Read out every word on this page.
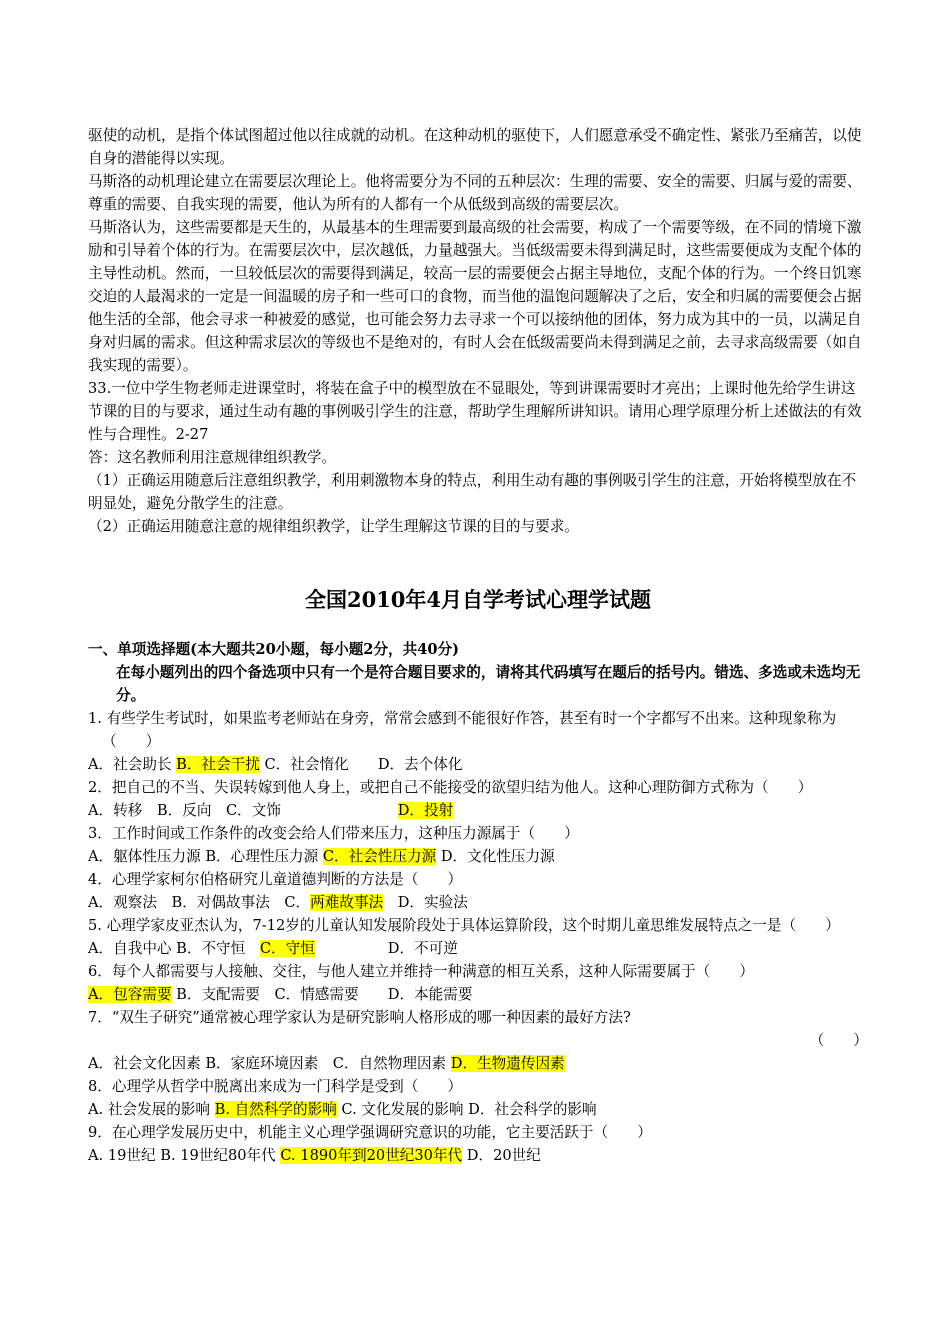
驱使的动机，是指个体试图超过他以往成就的动机。在这种动机的驱使下，人们愿意承受不确定性、紧张乃至痛苦，以使自身的潜能得以实现。

马斯洛的动机理论建立在需要层次理论上。他将需要分为不同的五种层次：生理的需要、安全的需要、归属与爱的需要、尊重的需要、自我实现的需要，他认为所有的人都有一个从低级到高级的需要层次。

马斯洛认为，这些需要都是天生的，从最基本的生理需要到最高级的社会需要，构成了一个需要等级，在不同的情境下激励和引导着个体的行为。在需要层次中，层次越低，力量越强大。当低级需要未得到满足时，这些需要便成为支配个体的主导性动机。然而，一旦较低层次的需要得到满足，较高一层的需要便会占据主导地位，支配个体的行为。一个终日饥寒交迫的人最渴求的一定是一间温暖的房子和一些可口的食物，而当他的温饱问题解决了之后，安全和归属的需要便会占据他生活的全部，他会寻求一种被爱的感觉，也可能会努力去寻求一个可以接纳他的团体，努力成为其中的一员，以满足自身对归属的需求。但这种需求层次的等级也不是绝对的，有时人会在低级需要尚未得到满足之前，去寻求高级需要（如自我实现的需要）。

33.一位中学生物老师走进课堂时，将装在盒子中的模型放在不显眼处，等到讲课需要时才亮出；上课时他先给学生讲这节课的目的与要求，通过生动有趣的事例吸引学生的注意，帮助学生理解所讲知识。请用心理学原理分析上述做法的有效性与合理性。2-27

答：这名教师利用注意规律组织教学。

（1）正确运用随意后注意组织教学，利用刺激物本身的特点，利用生动有趣的事例吸引学生的注意，开始将模型放在不明显处，避免分散学生的注意。

（2）正确运用随意注意的规律组织教学，让学生理解这节课的目的与要求。

全国2010年4月自学考试心理学试题

一、单项选择题(本大题共20小题，每小题2分，共40分)

在每小题列出的四个备选项中只有一个是符合题目要求的，请将其代码填写在题后的括号内。错选、多选或未选均无分。

1. 有些学生考试时，如果监考老师站在身旁，常常会感到不能很好作答，甚至有时一个字都写不出来。这种现象称为（　　）

A．社会助长 B．社会干扰 C．社会惰化　　D．去个体化

2．把自己的不当、失误转嫁到他人身上，或把自己不能接受的欲望归结为他人。这种心理防御方式称为（　　）

A．转移　B．反向　C．文饰　　　　　　　　D．投射

3．工作时间或工作条件的改变会给人们带来压力，这种压力源属于（　　）

A．躯体性压力源 B．心理性压力源 C．社会性压力源 D．文化性压力源

4．心理学家柯尔伯格研究儿童道德判断的方法是（　　）

A．观察法　B．对偶故事法　C．两难故事法　D．实验法

5. 心理学家皮亚杰认为，7-12岁的儿童认知发展阶段处于具体运算阶段，这个时期儿童思维发展特点之一是（　　）

A．自我中心 B．不守恒　C．守恒　　　　　D．不可逆

6．每个人都需要与人接触、交往，与他人建立并维持一种满意的相互关系，这种人际需要属于（　　）

A．包容需要 B．支配需要　C．情感需要　　D．本能需要

7．“双生子研究”通常被心理学家认为是研究影响人格形成的哪一种因素的最好方法?

（　　）

A．社会文化因素 B．家庭环境因素　C．自然物理因素 D．生物遗传因素

8．心理学从哲学中脱离出来成为一门科学是受到（　　）

A. 社会发展的影响 B. 自然科学的影响 C. 文化发展的影响 D．社会科学的影响

9．在心理学发展历史中，机能主义心理学强调研究意识的功能，它主要活跃于（　　）

A. 19世纪 B. 19世纪80年代 C. 1890年到20世纪30年代 D．20世纪
